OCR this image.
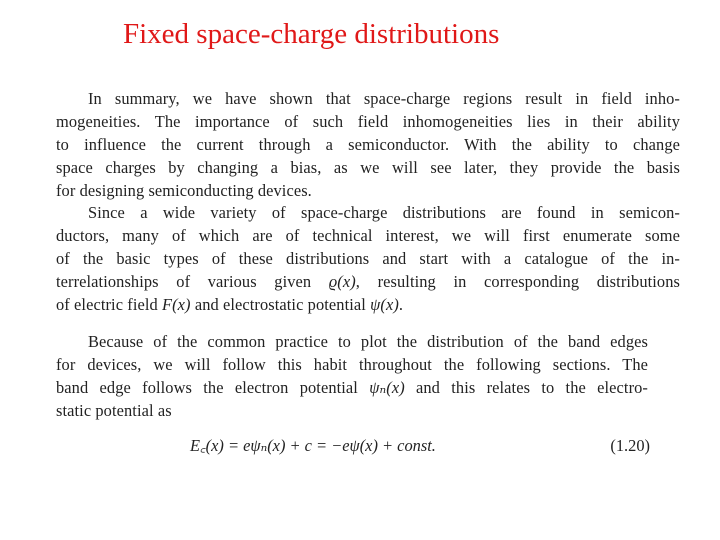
Fixed space-charge distributions
In summary, we have shown that space-charge regions result in field inho-
mogeneities. The importance of such field inhomogeneities lies in their ability
to influence the current through a semiconductor. With the ability to change
space charges by changing a bias, as we will see later, they provide the basis
for designing semiconducting devices.
Since a wide variety of space-charge distributions are found in semicon-
ductors, many of which are of technical interest, we will first enumerate some
of the basic types of these distributions and start with a catalogue of the in-
terrelationships of various given ϱ(x), resulting in corresponding distributions
of electric field F(x) and electrostatic potential ψ(x).
Because of the common practice to plot the distribution of the band edges
for devices, we will follow this habit throughout the following sections. The
band edge follows the electron potential ψₙ(x) and this relates to the electro-
static potential as
E꜀(x) = eψₙ(x) + c = −eψ(x) + const.	(1.20)
